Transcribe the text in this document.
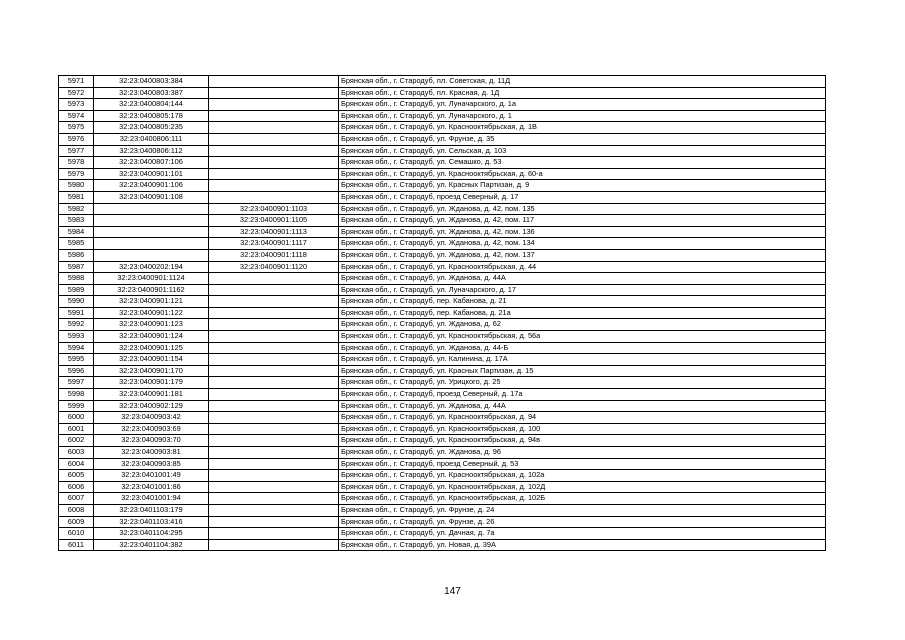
5971	32:23:0400803:384		Брянская обл., г. Стародуб, пл. Советская, д. 11Д
5972	32:23:0400803:387		Брянская обл., г. Стародуб, пл. Красная, д. 1Д
5973	32:23:0400804:144		Брянская обл., г. Стародуб, ул. Луначарского, д. 1а
5974	32:23:0400805:178		Брянская обл., г. Стародуб, ул. Луначарского, д. 1
5975	32:23:0400805:235		Брянская обл., г. Стародуб, ул. Краснооктябрьская, д. 1В
5976	32:23:0400806:111		Брянская обл., г. Стародуб, ул. Фрунзе, д. 35
5977	32:23:0400806:112		Брянская обл., г. Стародуб, ул. Сельская, д. 103
5978	32:23:0400807:106		Брянская обл., г. Стародуб, ул. Семашко, д. 53
5979	32:23:0400901:101		Брянская обл., г. Стародуб, ул. Краснооктябрьская, д. 60-а
5980	32:23:0400901:106		Брянская обл., г. Стародуб, ул. Красных Партизан, д. 9
5981	32:23:0400901:108		Брянская обл., г. Стародуб, проезд Северный, д. 17
5982		32:23:0400901:1103	Брянская обл., г. Стародуб, ул. Жданова, д. 42, пом. 135
5983		32:23:0400901:1105	Брянская обл., г. Стародуб, ул. Жданова, д. 42, пом. 117
5984		32:23:0400901:1113	Брянская обл., г. Стародуб, ул. Жданова, д. 42, пом. 136
5985		32:23:0400901:1117	Брянская обл., г. Стародуб, ул. Жданова, д. 42, пом. 134
5986		32:23:0400901:1118	Брянская обл., г. Стародуб, ул. Жданова, д. 42, пом. 137
5987	32:23:0400202:194	32:23:0400901:1120	Брянская обл., г. Стародуб, ул. Краснооктябрьская, д. 44
5988	32:23:0400901:1124		Брянская обл., г. Стародуб, ул. Жданова, д. 44А
5989	32:23:0400901:1162		Брянская обл., г. Стародуб, ул. Луначарского, д. 17
5990	32:23:0400901:121		Брянская обл., г. Стародуб, пер. Кабанова, д. 21
5991	32:23:0400901:122		Брянская обл., г. Стародуб, пер. Кабанова, д. 21а
5992	32:23:0400901:123		Брянская обл., г. Стародуб, ул. Жданова, д. 62
5993	32:23:0400901:124		Брянская обл., г. Стародуб, ул. Краснооктябрьская, д. 56а
5994	32:23:0400901:125		Брянская обл., г. Стародуб, ул. Жданова, д. 44-Б
5995	32:23:0400901:154		Брянская обл., г. Стародуб, ул. Калинина, д. 17А
5996	32:23:0400901:170		Брянская обл., г. Стародуб, ул. Красных Партизан, д. 15
5997	32:23:0400901:179		Брянская обл., г. Стародуб, ул. Урицкого, д. 25
5998	32:23:0400901:181		Брянская обл., г. Стародуб, проезд Северный, д. 17а
5999	32:23:0400902:129		Брянская обл., г. Стародуб, ул. Жданова, д. 44А
6000	32:23:0400903:42		Брянская обл., г. Стародуб, ул. Краснооктябрьская, д. 94
6001	32:23:0400903:69		Брянская обл., г. Стародуб, ул. Краснооктябрьская, д. 100
6002	32:23:0400903:70		Брянская обл., г. Стародуб, ул. Краснооктябрьская, д. 94в
6003	32:23:0400903:81		Брянская обл., г. Стародуб, ул. Жданова, д. 96
6004	32:23:0400903:85		Брянская обл., г. Стародуб, проезд Северный, д. 53
6005	32:23:0401001:49		Брянская обл., г. Стародуб, ул. Краснооктябрьская, д. 102а
6006	32:23:0401001:86		Брянская обл., г. Стародуб, ул. Краснооктябрьская, д. 102Д
6007	32:23:0401001:94		Брянская обл., г. Стародуб, ул. Краснооктябрьская, д. 102Б
6008	32:23:0401103:179		Брянская обл., г. Стародуб, ул. Фрунзе, д. 24
6009	32:23:0401103:416		Брянская обл., г. Стародуб, ул. Фрунзе, д. 26
6010	32:23:0401104:295		Брянская обл., г. Стародуб, ул. Дачная, д. 7а
6011	32:23:0401104:382		Брянская обл., г. Стародуб, ул. Новая, д. 39А
147
